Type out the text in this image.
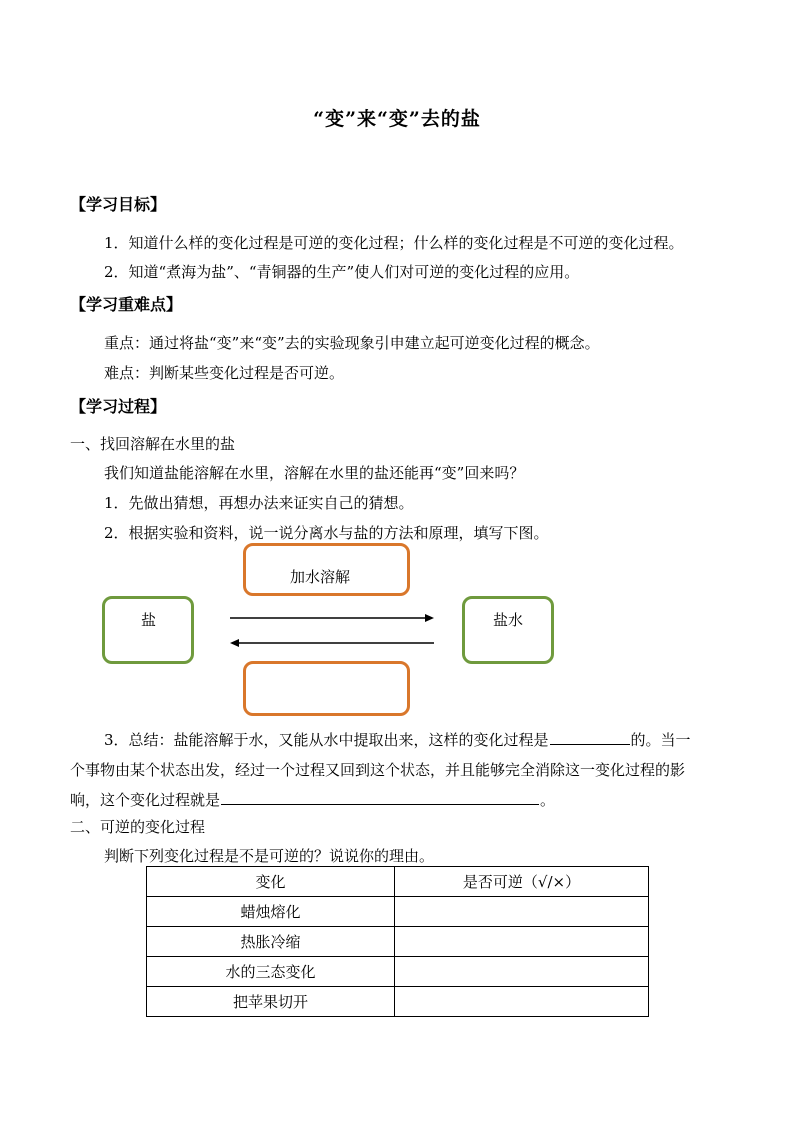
“变”来“变”去的盐
【学习目标】
1．知道什么样的变化过程是可逆的变化过程；什么样的变化过程是不可逆的变化过程。
2．知道“煮海为盐”、“青铜器的生产”使人们对可逆的变化过程的应用。
【学习重难点】
重点：通过将盐“变”来“变”去的实验现象引申建立起可逆变化过程的概念。
难点：判断某些变化过程是否可逆。
【学习过程】
一、找回溶解在水里的盐
我们知道盐能溶解在水里，溶解在水里的盐还能再“变”回来吗？
1．先做出猜想，再想办法来证实自己的猜想。
2．根据实验和资料，说一说分离水与盐的方法和原理，填写下图。
加水溶解
盐	盐水
3．总结：盐能溶解于水，又能从水中提取出来，这样的变化过程是	的。当一
个事物由某个状态出发，经过一个过程又回到这个状态，并且能够完全消除这一变化过程的影
响，这个变化过程就是	。
二、可逆的变化过程
判断下列变化过程是不是可逆的？说说你的理由。
变化	是否可逆（√/×）
蜡烛熔化	
热胀冷缩	
水的三态变化	
把苹果切开	
